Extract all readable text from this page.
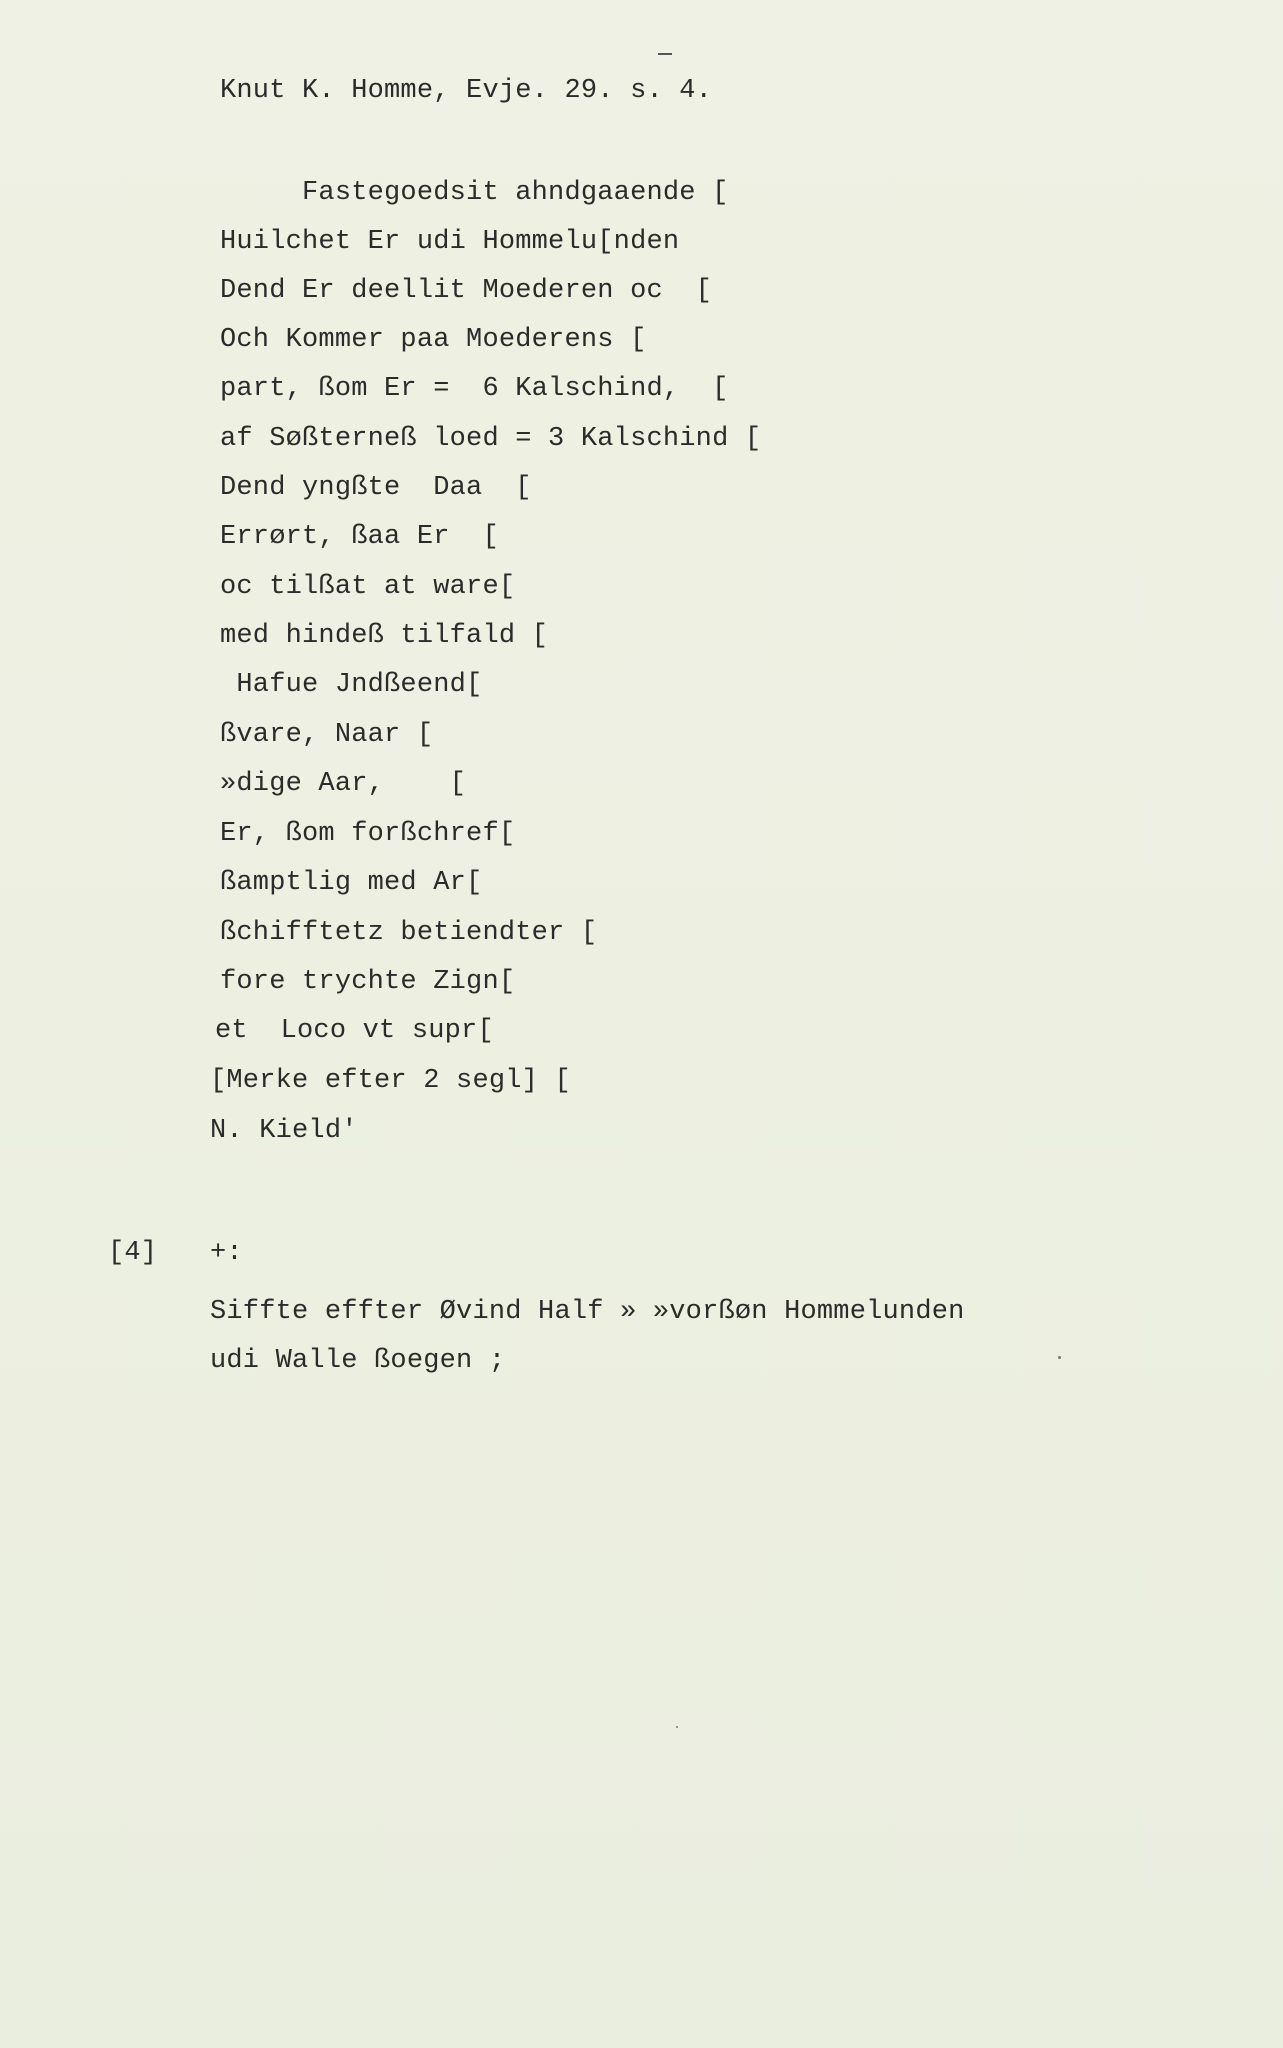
Knut K. Homme, Evje. 29. s. 4.
Fastegoedsit ahndgaaende [
Huilchet Er udi Hommelu[nden
Dend Er deellit Moederen oc  [
Och Kommer paa Moederens [
part, ßom Er =  6 Kalschind,  [
af Søßterneß loed = 3 Kalschind [
Dend yngßte  Daa  [
Errørt, ßaa Er  [
oc tilßat at ware[
med hindeß tilfald [
Hafue Jndßeend[
ßvare, Naar [
»dige Aar,    [
Er, ßom forßchref[
ßamptlig med Ar[
ßchifftetz betiendter [
fore trychte Zign[
et  Loco vt supr[
[Merke efter 2 segl] [
N. Kield'
[4] +:
Siffte effter Øvind Half » »vorßøn Hommelunden
udi Walle ßoegen ;
